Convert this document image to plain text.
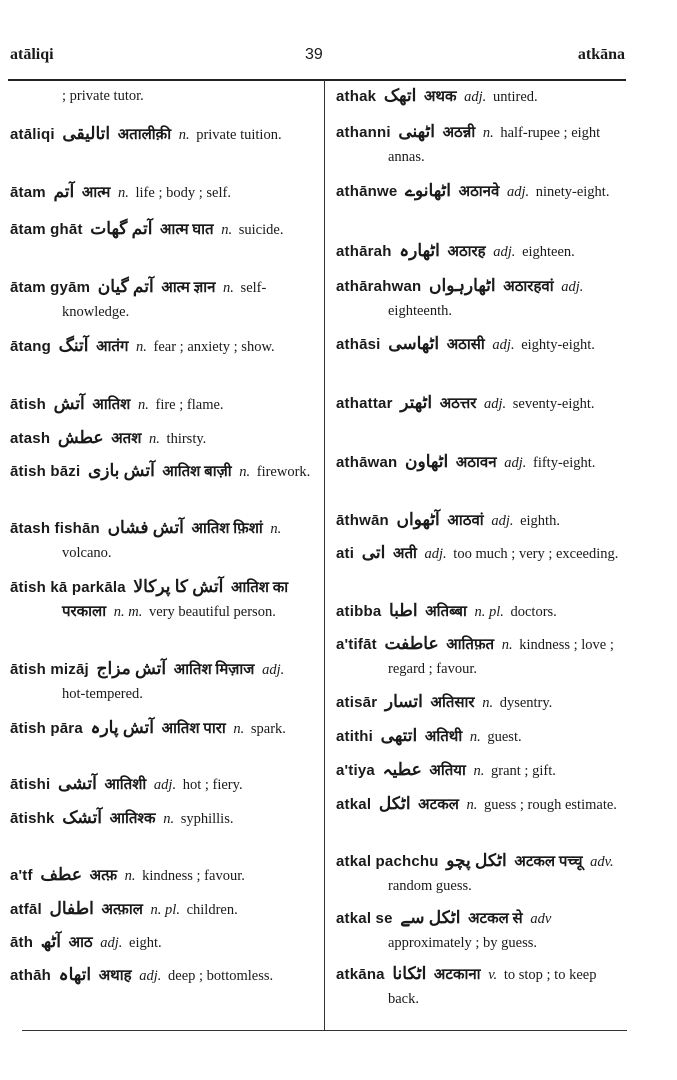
atāliqi	39	atkāna
; private tutor.
atāliqi اتالیقی अतालीक़ी n. private tuition.
ātam آتم आत्म n. life ; body ; self.
ātam ghāt آتم گھات आत्म घात n. suicide.
ātam gyām آتم گیان आत्म ज्ञान n. self-knowledge.
ātang آتنگ आतंग n. fear ; anxiety ; show.
ātish آتش आतिश n. fire ; flame.
atash عطش अतश n. thirsty.
ātish bāzi آتش بازی आतिश बाज़ी n. firework.
ātash fishān آتش فشاں आतिश फ़िशां n. volcano.
ātish kā parkāla آتش کا پرکالا आतिश का परकाला n. m. very beautiful person.
ātish mizāj آتش مزاج आतिश मिज़ाज adj. hot-tempered.
ātish pāra آتش پارہ आतिश पारा n. spark.
ātishi آتشی आतिशी adj. hot ; fiery.
ātishk آتشک आतिश्क n. syphillis.
a'tf عطف अत्फ़ n. kindness ; favour.
atfāl اطفال अत्फ़ाल n. pl. children.
āth آٹھ आठ adj. eight.
athāh اتھاہ अथाह adj. deep ; bottomless.
athak اتھک अथक adj. untired.
athanni اٹھنی अठन्नी n. half-rupee ; eight annas.
athānwe اٹھانوے अठानवे adj. ninety-eight.
athārah اٹھارہ अठारह adj. eighteen.
athārahwan اٹھارہواں अठारहवां adj. eighteenth.
athāsi اٹھاسی अठासी adj. eighty-eight.
athattar اٹھتر अठत्तर adj. seventy-eight.
athāwan اٹھاون अठावन adj. fifty-eight.
āthwān آٹھواں आठवां adj. eighth.
ati اتی अती adj. too much ; very ; exceeding.
atibba اطبا अतिब्बा n. pl. doctors.
a'tifāt عاطفت आतिफ़त n. kindness ; love ; regard ; favour.
atisār اتسار अतिसार n. dysentry.
atithi اتتھی अतिथी n. guest.
a'tiya عطیہ अतिया n. grant ; gift.
atkal اٹکل अटकल n. guess ; rough estimate.
atkal pachchu اٹکل پچو अटकल पच्चू adv. random guess.
atkal se اٹکل سے अटकल से adv approximately ; by guess.
atkāna اٹکانا अटकाना v. to stop ; to keep back.
